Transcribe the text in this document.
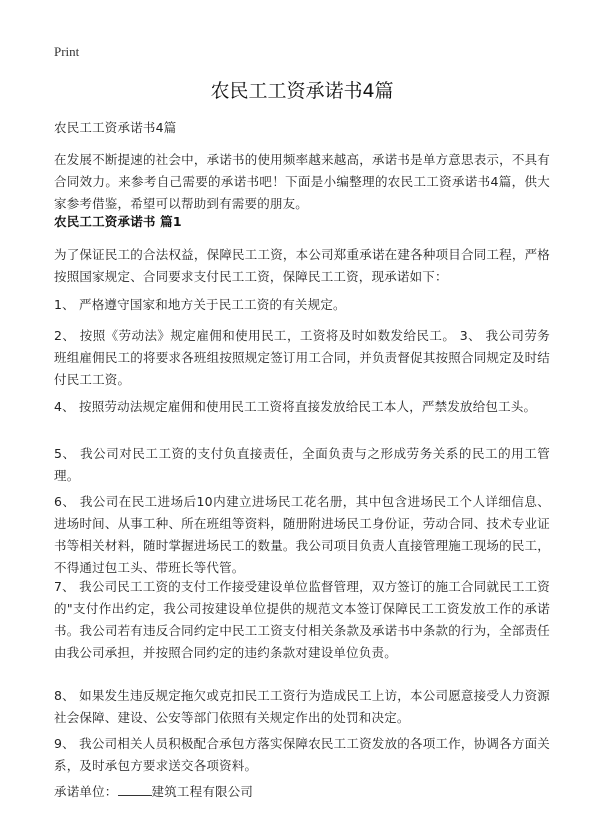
Print
农民工工资承诺书4篇

农民工工资承诺书4篇

在发展不断提速的社会中，承诺书的使用频率越来越高，承诺书是单方意思表示，不具有合同效力。来参考自己需要的承诺书吧！下面是小编整理的农民工工资承诺书4篇，供大家参考借鉴，希望可以帮助到有需要的朋友。

农民工工资承诺书 篇1

为了保证民工的合法权益，保障民工工资，本公司郑重承诺在建各种项目合同工程，严格按照国家规定、合同要求支付民工工资，保障民工工资，现承诺如下：

1、 严格遵守国家和地方关于民工工资的有关规定。

2、 按照《劳动法》规定雇佣和使用民工，工资将及时如数发给民工。 3、 我公司劳务班组雇佣民工的将要求各班组按照规定签订用工合同，并负责督促其按照合同规定及时结付民工工资。

4、 按照劳动法规定雇佣和使用民工工资将直接发放给民工本人，严禁发放给包工头。

5、 我公司对民工工资的支付负直接责任，全面负责与之形成劳务关系的民工的用工管理。

6、 我公司在民工进场后10内建立进场民工花名册，其中包含进场民工个人详细信息、进场时间、从事工种、所在班组等资料，随册附进场民工身份证，劳动合同、技术专业证书等相关材料，随时掌握进场民工的数量。我公司项目负责人直接管理施工现场的民工，不得通过包工头、带班长等代管。

7、 我公司民工工资的支付工作接受建设单位监督管理，双方签订的施工合同就民工工资的"支付作出约定，我公司按建设单位提供的规范文本签订保障民工工资发放工作的承诺书。我公司若有违反合同约定中民工工资支付相关条款及承诺书中条款的行为，全部责任由我公司承担，并按照合同约定的违约条款对建设单位负责。

8、 如果发生违反规定拖欠或克扣民工工资行为造成民工上访，本公司愿意接受人力资源社会保障、建设、公安等部门依照有关规定作出的处罚和决定。

9、 我公司相关人员积极配合承包方落实保障农民工工资发放的各项工作，协调各方面关系，及时承包方要求送交各项资料。

承诺单位：	建筑工程有限公司
